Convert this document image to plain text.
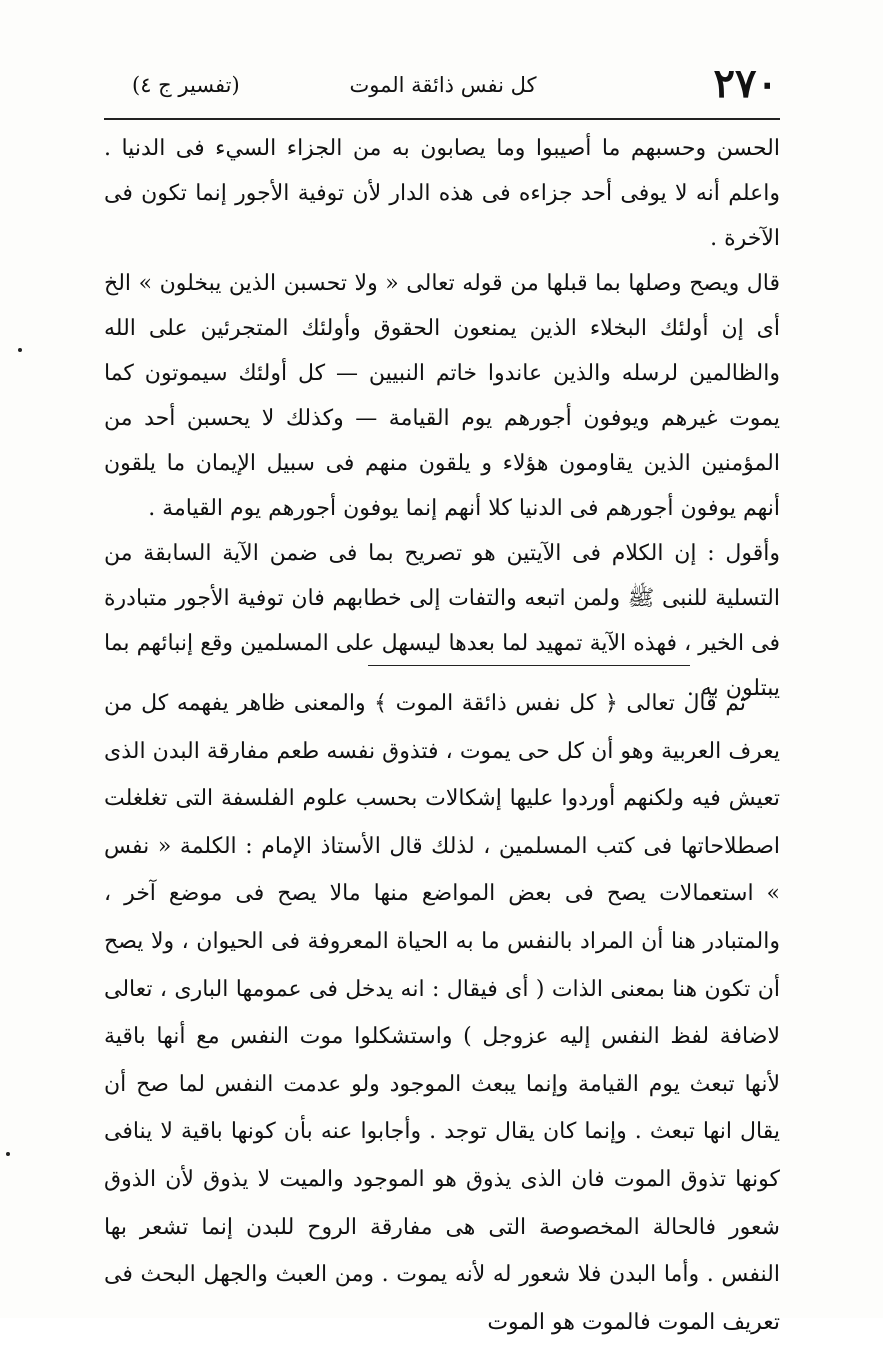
٢٧٠
كل نفس ذائقة الموت
(تفسير ج ٤)

الحسن وحسبهم ما أصيبوا وما يصابون به من الجزاء السيء فى الدنيا . واعلم أنه لا يوفى أحد جزاءه فى هذه الدار لأن توفية الأجور إنما تكون فى الآخرة .

قال ويصح وصلها بما قبلها من قوله تعالى « ولا تحسبن الذين يبخلون » الخ أى إن أولئك البخلاء الذين يمنعون الحقوق وأولئك المتجرئين على الله والظالمين لرسله والذين عاندوا خاتم النبيين — كل أولئك سيموتون كما يموت غيرهم ويوفون أجورهم يوم القيامة — وكذلك لا يحسبن أحد من المؤمنين الذين يقاومون هؤلاء و يلقون منهم فى سبيل الإيمان ما يلقون أنهم يوفون أجورهم فى الدنيا كلا أنهم إنما يوفون أجورهم يوم القيامة .

وأقول : إن الكلام فى الآيتين هو تصريح بما فى ضمن الآية السابقة من التسلية للنبى ﷺ ولمن اتبعه والتفات إلى خطابهم فان توفية الأجور متبادرة فى الخير ، فهذه الآية تمهيد لما بعدها ليسهل على المسلمين وقع إنبائهم بما يبتلون به .

ثم قال تعالى ﴿ كل نفس ذائقة الموت ﴾ والمعنى ظاهر يفهمه كل من يعرف العربية وهو أن كل حى يموت ، فتذوق نفسه طعم مفارقة البدن الذى تعيش فيه ولكنهم أوردوا عليها إشكالات بحسب علوم الفلسفة التى تغلغلت اصطلاحاتها فى كتب المسلمين ، لذلك قال الأستاذ الإمام : الكلمة « نفس » استعمالات يصح فى بعض المواضع منها مالا يصح فى موضع آخر ، والمتبادر هنا أن المراد بالنفس ما به الحياة المعروفة فى الحيوان ، ولا يصح أن تكون هنا بمعنى الذات ( أى فيقال : انه يدخل فى عمومها البارى ، تعالى لاضافة لفظ النفس إليه عزوجل ) واستشكلوا موت النفس مع أنها باقية لأنها تبعث يوم القيامة وإنما يبعث الموجود ولو عدمت النفس لما صح أن يقال انها تبعث . وإنما كان يقال توجد . وأجابوا عنه بأن كونها باقية لا ينافى كونها تذوق الموت فان الذى يذوق هو الموجود والميت لا يذوق لأن الذوق شعور فالحالة المخصوصة التى هى مفارقة الروح للبدن إنما تشعر بها النفس . وأما البدن فلا شعور له لأنه يموت . ومن العبث والجهل البحث فى تعريف الموت فالموت هو الموت
